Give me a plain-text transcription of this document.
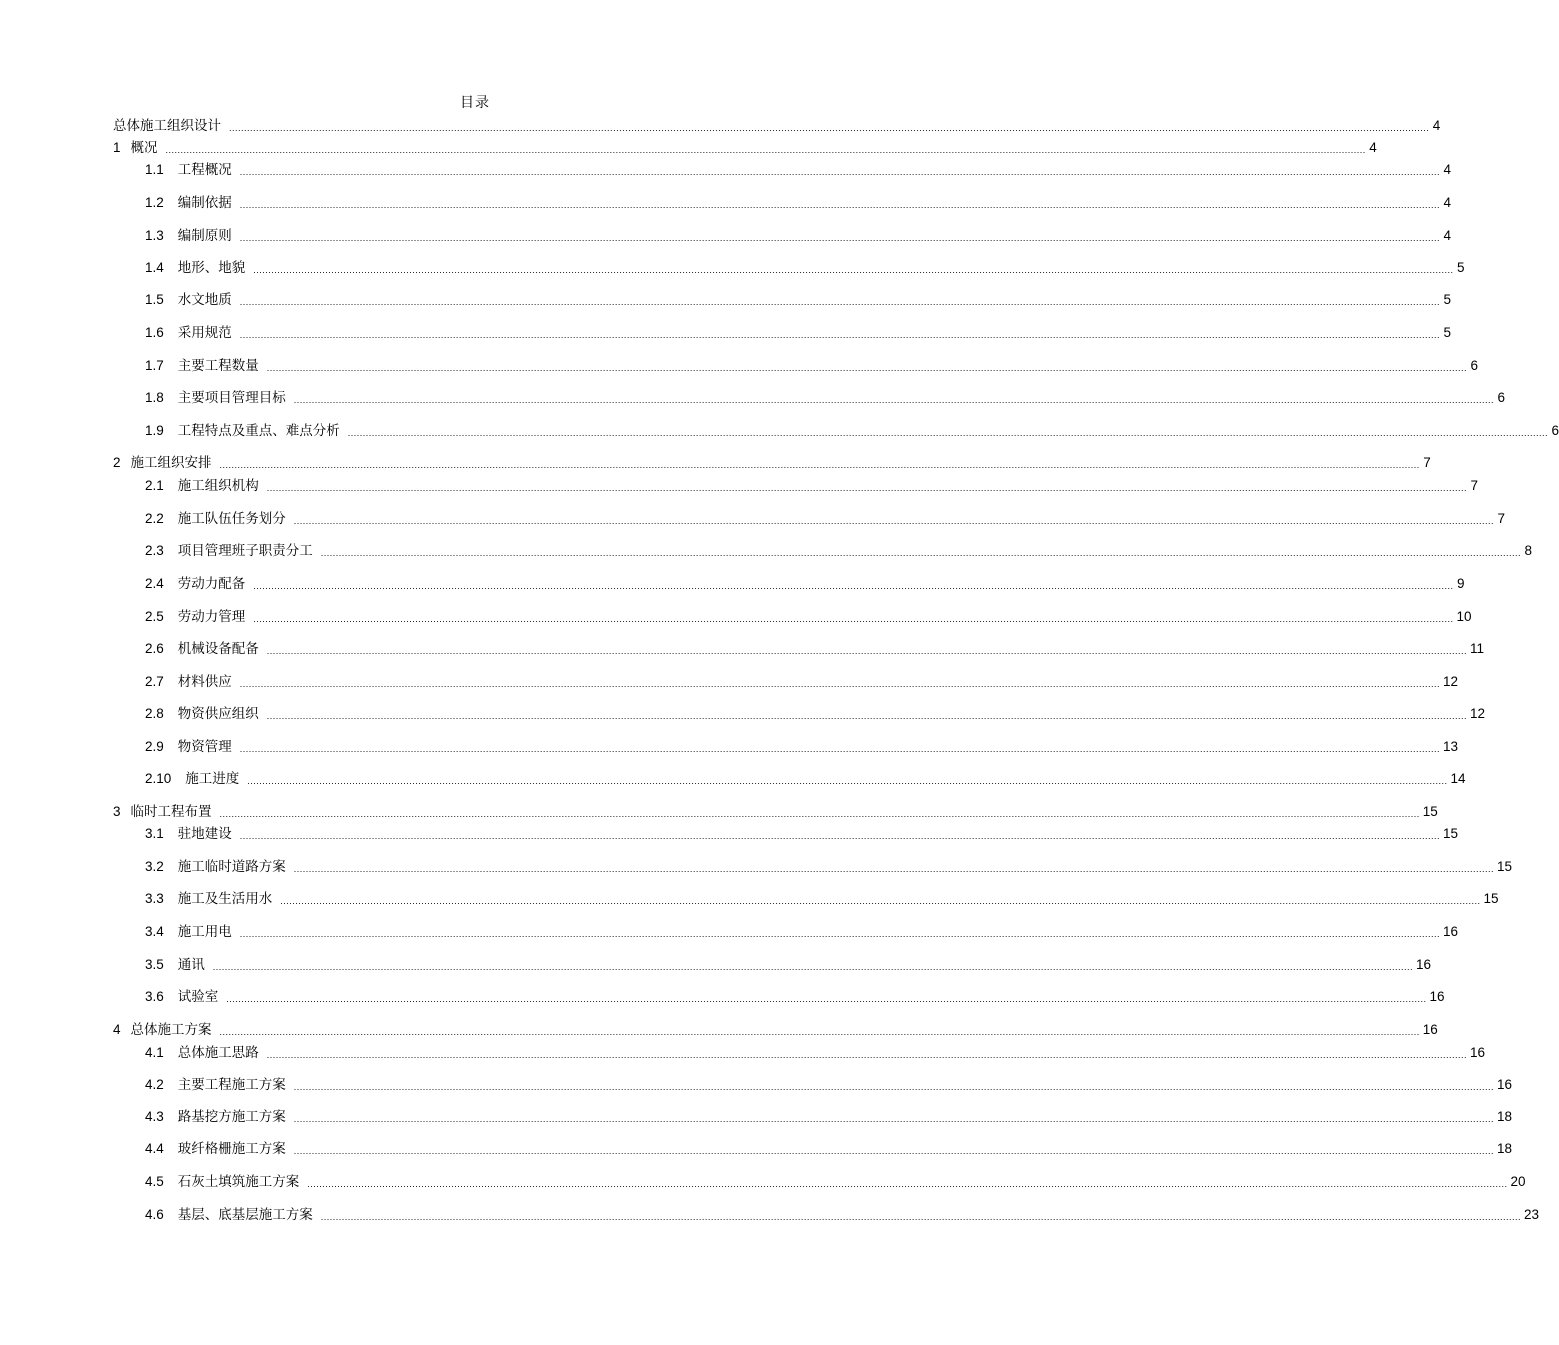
目录
总体施工组织设计 ................................................................................................................................................................................................................................................................................................................................................................................................................ 4
1 概况 ................................................................................................................................................................................................................................................................................................................................................................................................................ 4
1.1 工程概况 ................................................................................................................................................................................................................................................................................................................................................................................................................ 4
1.2 编制依据 ................................................................................................................................................................................................................................................................................................................................................................................................................ 4
1.3 编制原则 ................................................................................................................................................................................................................................................................................................................................................................................................................ 4
1.4 地形、地貌 ................................................................................................................................................................................................................................................................................................................................................................................................................ 5
1.5 水文地质 ................................................................................................................................................................................................................................................................................................................................................................................................................ 5
1.6 采用规范 ................................................................................................................................................................................................................................................................................................................................................................................................................ 5
1.7 主要工程数量 ................................................................................................................................................................................................................................................................................................................................................................................................................ 6
1.8 主要项目管理目标 ................................................................................................................................................................................................................................................................................................................................................................................................................ 6
1.9 工程特点及重点、难点分析 ................................................................................................................................................................................................................................................................................................................................................................................................................ 6
2 施工组织安排 ................................................................................................................................................................................................................................................................................................................................................................................................................ 7
2.1 施工组织机构 ................................................................................................................................................................................................................................................................................................................................................................................................................ 7
2.2 施工队伍任务划分 ................................................................................................................................................................................................................................................................................................................................................................................................................ 7
2.3 项目管理班子职责分工 ................................................................................................................................................................................................................................................................................................................................................................................................................ 8
2.4 劳动力配备 ................................................................................................................................................................................................................................................................................................................................................................................................................ 9
2.5 劳动力管理 ................................................................................................................................................................................................................................................................................................................................................................................................................ 10
2.6 机械设备配备 ................................................................................................................................................................................................................................................................................................................................................................................................................ 11
2.7 材料供应 ................................................................................................................................................................................................................................................................................................................................................................................................................ 12
2.8 物资供应组织 ................................................................................................................................................................................................................................................................................................................................................................................................................ 12
2.9 物资管理 ................................................................................................................................................................................................................................................................................................................................................................................................................ 13
2.10 施工进度 ................................................................................................................................................................................................................................................................................................................................................................................................................ 14
3 临时工程布置 ................................................................................................................................................................................................................................................................................................................................................................................................................ 15
3.1 驻地建设 ................................................................................................................................................................................................................................................................................................................................................................................................................ 15
3.2 施工临时道路方案 ................................................................................................................................................................................................................................................................................................................................................................................................................ 15
3.3 施工及生活用水 ................................................................................................................................................................................................................................................................................................................................................................................................................ 15
3.4 施工用电 ................................................................................................................................................................................................................................................................................................................................................................................................................ 16
3.5 通讯 ................................................................................................................................................................................................................................................................................................................................................................................................................ 16
3.6 试验室 ................................................................................................................................................................................................................................................................................................................................................................................................................ 16
4 总体施工方案 ................................................................................................................................................................................................................................................................................................................................................................................................................ 16
4.1 总体施工思路 ................................................................................................................................................................................................................................................................................................................................................................................................................ 16
4.2 主要工程施工方案 ................................................................................................................................................................................................................................................................................................................................................................................................................ 16
4.3 路基挖方施工方案 ................................................................................................................................................................................................................................................................................................................................................................................................................ 18
4.4 玻纤格栅施工方案 ................................................................................................................................................................................................................................................................................................................................................................................................................ 18
4.5 石灰土填筑施工方案 ................................................................................................................................................................................................................................................................................................................................................................................................................ 20
4.6 基层、底基层施工方案 ................................................................................................................................................................................................................................................................................................................................................................................................................ 23
